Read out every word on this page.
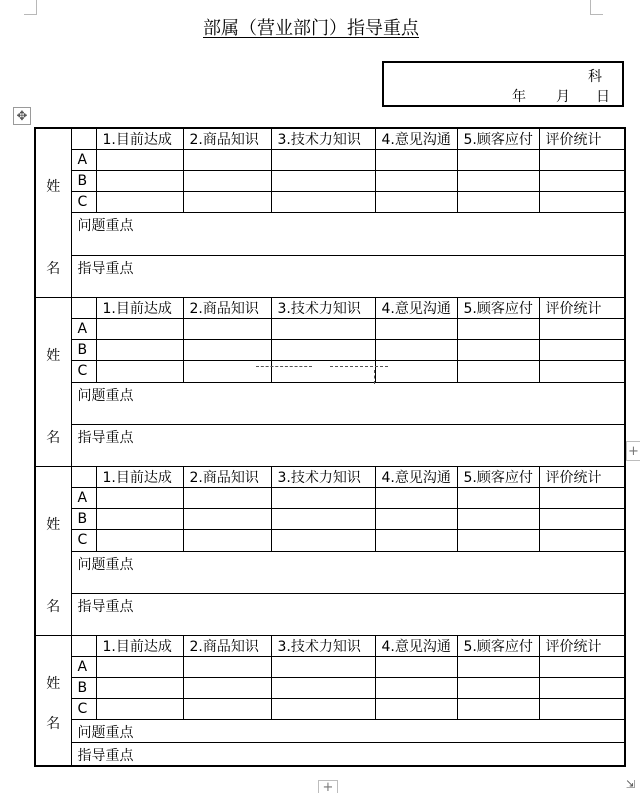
部属（营业部门）指导重点
科
年 月 日
✥
姓
名		1.目前达成	2.商品知识	3.技术力知识	4.意见沟通	5.顾客应付	评价统计
	A						
	B						
	C						
	问题重点						
	指导重点						

姓
名		1.目前达成	2.商品知识	3.技术力知识	4.意见沟通	5.顾客应付	评价统计
	A						
	B						
	C						
	问题重点						
	指导重点						

姓
名		1.目前达成	2.商品知识	3.技术力知识	4.意见沟通	5.顾客应付	评价统计
	A						
	B						
	C						
	问题重点						
	指导重点						

姓
名		1.目前达成	2.商品知识	3.技术力知识	4.意见沟通	5.顾客应付	评价统计
	A						
	B						
	C						
	问题重点						
	指导重点						
+
+	⇲
